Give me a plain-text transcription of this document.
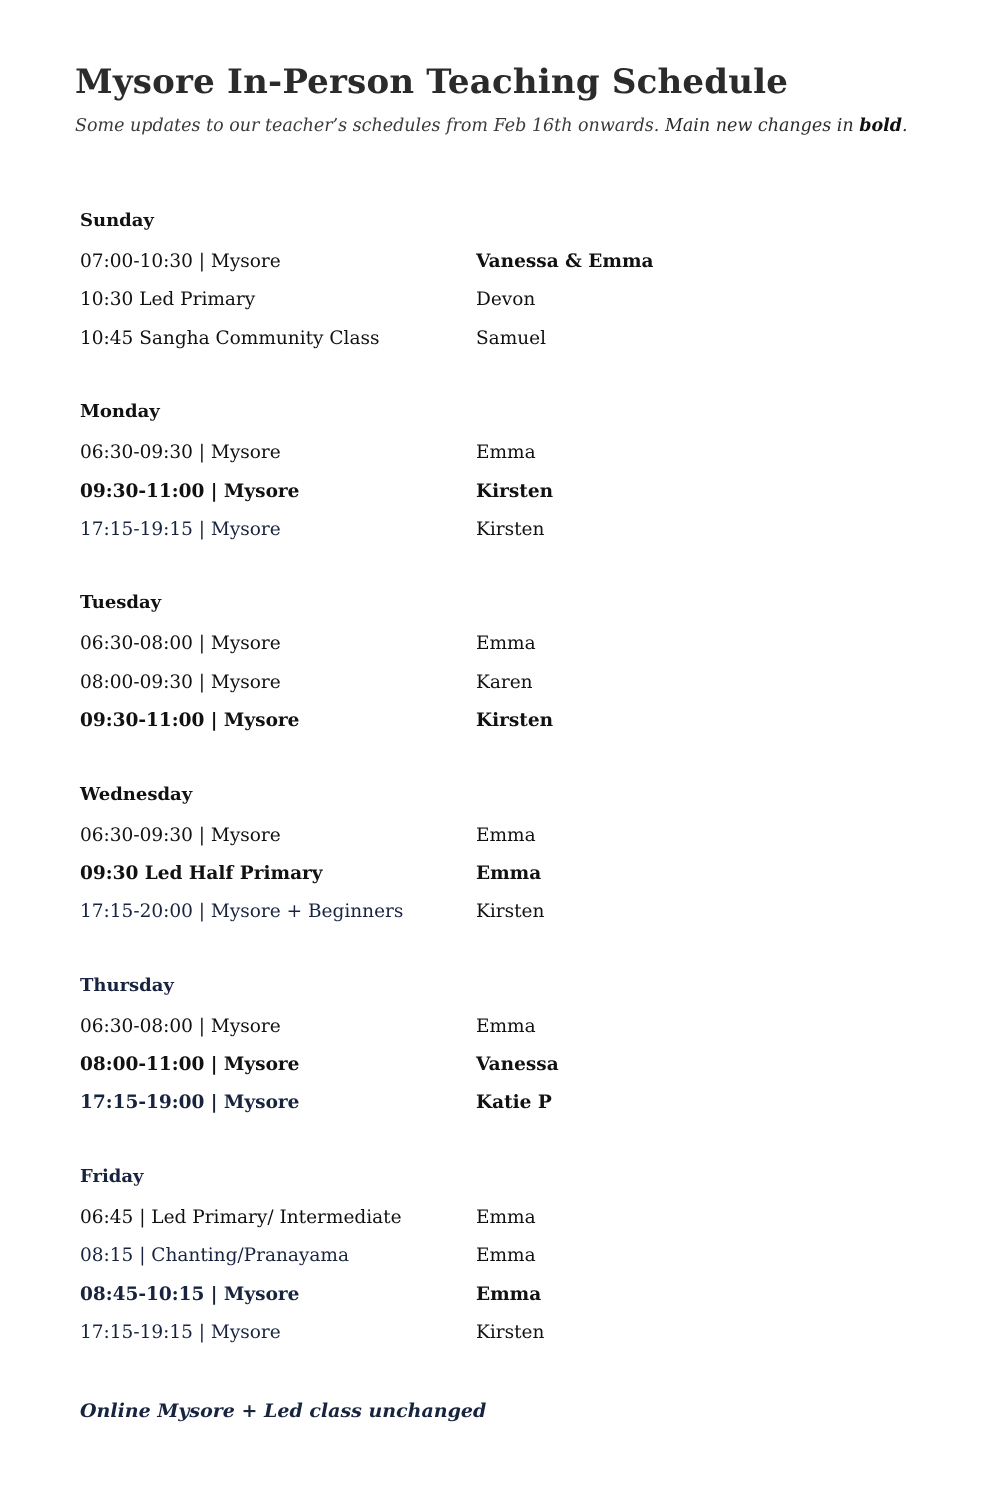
Mysore In-Person Teaching Schedule

Some updates to our teacher’s schedules from Feb 16th onwards. Main new changes in bold.

Sunday
07:00-10:30 | Mysore	Vanessa & Emma
10:30 Led Primary	Devon
10:45 Sangha Community Class	Samuel
Monday
06:30-09:30 | Mysore	Emma
09:30-11:00 | Mysore	Kirsten
17:15-19:15 | Mysore	Kirsten
Tuesday
06:30-08:00 | Mysore	Emma
08:00-09:30 | Mysore	Karen
09:30-11:00 | Mysore	Kirsten
Wednesday
06:30-09:30 | Mysore	Emma
09:30 Led Half Primary	Emma
17:15-20:00 | Mysore + Beginners	Kirsten
Thursday
06:30-08:00 | Mysore	Emma
08:00-11:00 | Mysore	Vanessa
17:15-19:00 | Mysore	Katie P
Friday
06:45 | Led Primary/ Intermediate	Emma
08:15 | Chanting/Pranayama	Emma
08:45-10:15 | Mysore	Emma
17:15-19:15 | Mysore	Kirsten
Online Mysore + Led class unchanged
